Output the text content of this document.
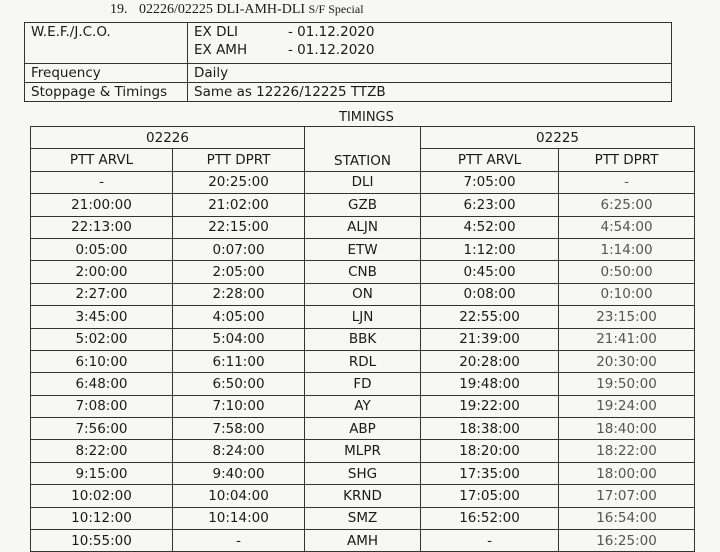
19. 02226/02225 DLI-AMH-DLI S/F Special
W.E.F./J.C.O.	EX DLI - 01.12.2020
EX AMH - 01.12.2020

Frequency	Daily
Stoppage & Timings	Same as 12226/12225 TTZB
TIMINGS
02226		STATION	02225	
PTT ARVL	PTT DPRT		PTT ARVL	PTT DPRT
-	20:25:00	DLI	7:05:00	-
21:00:00	21:02:00	GZB	6:23:00	6:25:00
22:13:00	22:15:00	ALJN	4:52:00	4:54:00
0:05:00	0:07:00	ETW	1:12:00	1:14:00
2:00:00	2:05:00	CNB	0:45:00	0:50:00
2:27:00	2:28:00	ON	0:08:00	0:10:00
3:45:00	4:05:00	LJN	22:55:00	23:15:00
5:02:00	5:04:00	BBK	21:39:00	21:41:00
6:10:00	6:11:00	RDL	20:28:00	20:30:00
6:48:00	6:50:00	FD	19:48:00	19:50:00
7:08:00	7:10:00	AY	19:22:00	19:24:00
7:56:00	7:58:00	ABP	18:38:00	18:40:00
8:22:00	8:24:00	MLPR	18:20:00	18:22:00
9:15:00	9:40:00	SHG	17:35:00	18:00:00
10:02:00	10:04:00	KRND	17:05:00	17:07:00
10:12:00	10:14:00	SMZ	16:52:00	16:54:00
10:55:00	-	AMH	-	16:25:00
